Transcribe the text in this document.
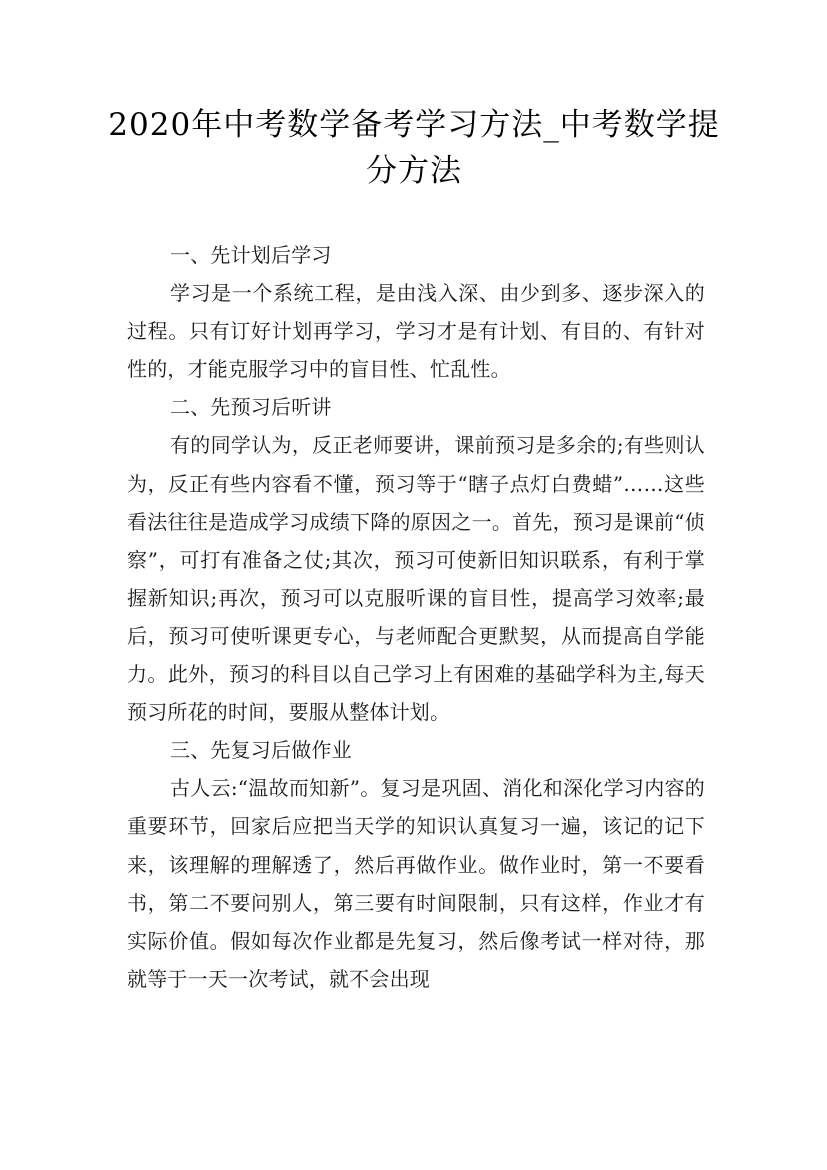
2020年中考数学备考学习方法_中考数学提分方法

一、先计划后学习

学习是一个系统工程，是由浅入深、由少到多、逐步深入的过程。只有订好计划再学习，学习才是有计划、有目的、有针对性的，才能克服学习中的盲目性、忙乱性。

二、先预习后听讲

有的同学认为，反正老师要讲，课前预习是多余的;有些则认为，反正有些内容看不懂，预习等于“瞎子点灯白费蜡”……这些看法往往是造成学习成绩下降的原因之一。首先，预习是课前“侦察”，可打有准备之仗;其次，预习可使新旧知识联系，有利于掌握新知识;再次，预习可以克服听课的盲目性，提高学习效率;最后，预习可使听课更专心，与老师配合更默契，从而提高自学能力。此外，预习的科目以自己学习上有困难的基础学科为主,每天预习所花的时间，要服从整体计划。

三、先复习后做作业

古人云:“温故而知新”。复习是巩固、消化和深化学习内容的重要环节，回家后应把当天学的知识认真复习一遍，该记的记下来，该理解的理解透了，然后再做作业。做作业时，第一不要看书，第二不要问别人，第三要有时间限制，只有这样，作业才有实际价值。假如每次作业都是先复习，然后像考试一样对待，那就等于一天一次考试，就不会出现
